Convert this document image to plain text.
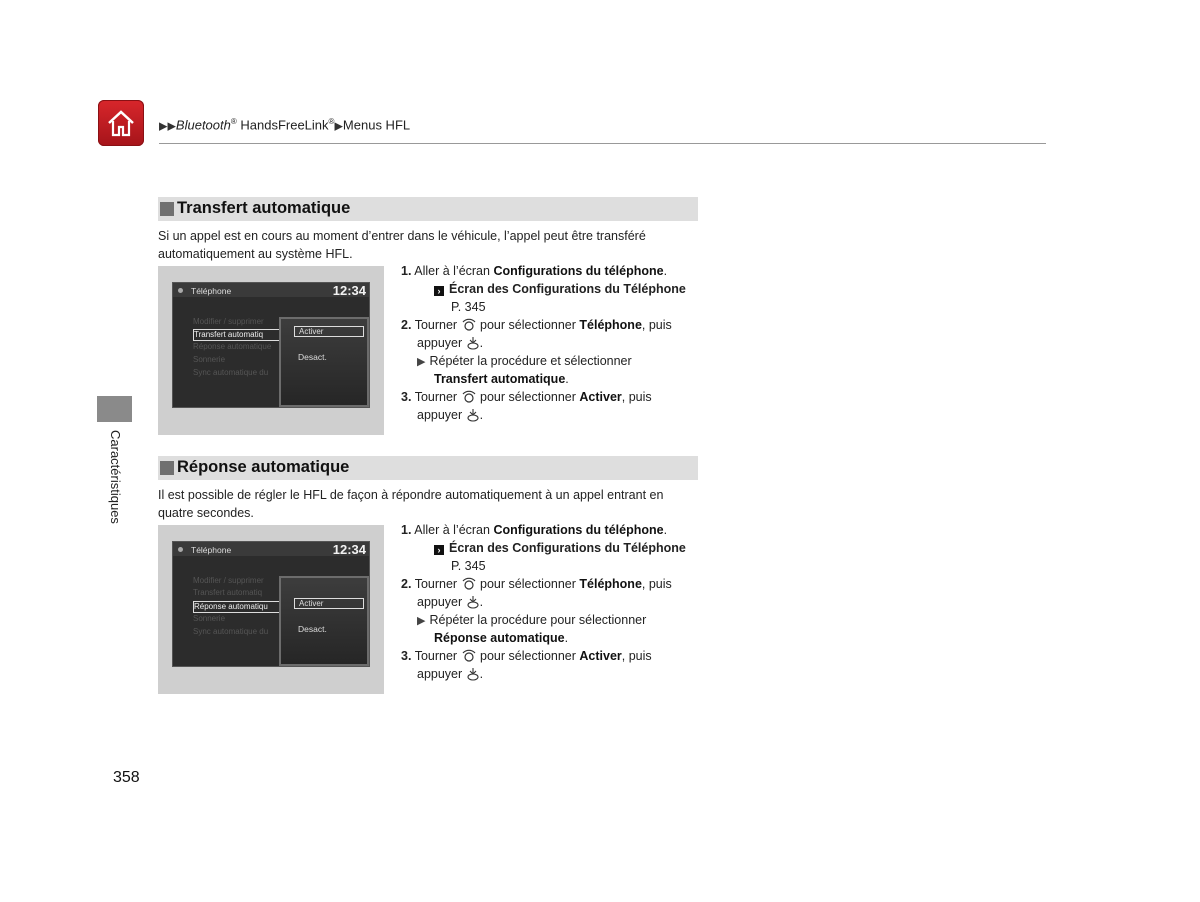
▶▶Bluetooth® HandsFreeLink®▶Menus HFL
Caractéristiques
Transfert automatique
Si un appel est en cours au moment d’entrer dans le véhicule, l’appel peut être transféré
automatiquement au système HFL.
Téléphone	12:34
Modifier / supprimer
Transfert automatiq
Réponse automatique
Sonnerie
Sync automatique du
Activer
Desact.
1. Aller à l’écran Configurations du téléphone.
› Écran des Configurations du Téléphone
P. 345
2. Tourner  pour sélectionner Téléphone, puis
appuyer .
▶ Répéter la procédure et sélectionner
Transfert automatique.
3. Tourner  pour sélectionner Activer, puis
appuyer .
Réponse automatique
Il est possible de régler le HFL de façon à répondre automatiquement à un appel entrant en
quatre secondes.
Téléphone	12:34
Modifier / supprimer
Transfert automatiq
Réponse automatiqu
Sonnerie
Sync automatique du
Activer
Desact.
1. Aller à l’écran Configurations du téléphone.
› Écran des Configurations du Téléphone
P. 345
2. Tourner  pour sélectionner Téléphone, puis
appuyer .
▶ Répéter la procédure pour sélectionner
Réponse automatique.
3. Tourner  pour sélectionner Activer, puis
appuyer .
358
